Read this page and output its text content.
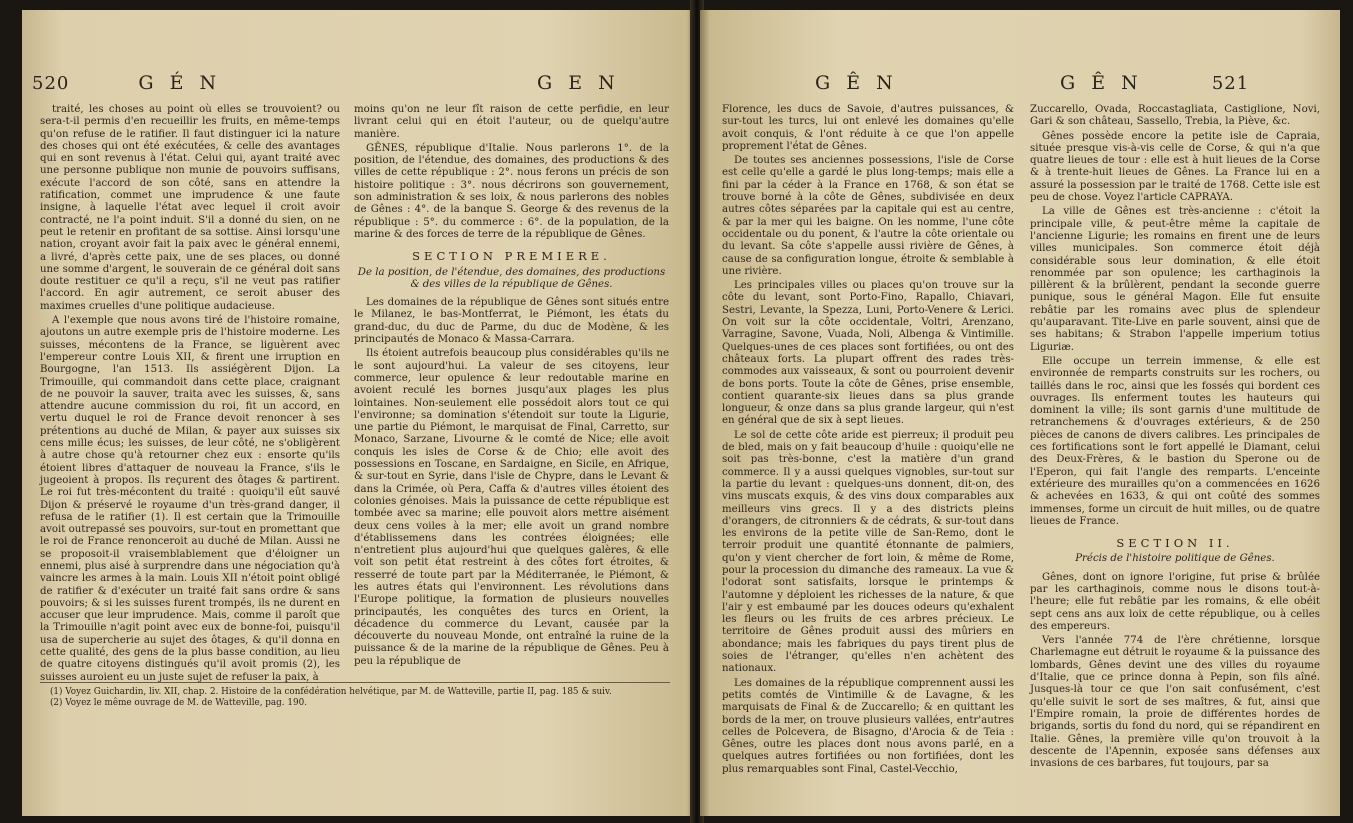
520	G É N	G E N

traité, les choses au point où elles se trouvoient? ou sera-t-il permis d'en recueillir les fruits, en même-temps qu'on refuse de le ratifier. Il faut distinguer ici la nature des choses qui ont été exécutées, & celle des avantages qui en sont revenus à l'état. Celui qui, ayant traité avec une personne publique non munie de pouvoirs suffisans, exécute l'accord de son côté, sans en attendre la ratification, commet une imprudence & une faute insigne, à laquelle l'état avec lequel il croit avoir contracté, ne l'a point induit. S'il a donné du sien, on ne peut le retenir en profitant de sa sottise. Ainsi lorsqu'une nation, croyant avoir fait la paix avec le général ennemi, a livré, d'après cette paix, une de ses places, ou donné une somme d'argent, le souverain de ce général doit sans doute restituer ce qu'il a reçu, s'il ne veut pas ratifier l'accord. En agir autrement, ce seroit abuser des maximes cruelles d'une politique audacieuse.

A l'exemple que nous avons tiré de l'histoire romaine, ajoutons un autre exemple pris de l'histoire moderne. Les suisses, mécontens de la France, se liguèrent avec l'empereur contre Louis XII, & firent une irruption en Bourgogne, l'an 1513. Ils assiégèrent Dijon. La Trimouille, qui commandoit dans cette place, craignant de ne pouvoir la sauver, traita avec les suisses, &, sans attendre aucune commission du roi, fit un accord, en vertu duquel le roi de France devoit renoncer à ses prétentions au duché de Milan, & payer aux suisses six cens mille écus; les suisses, de leur côté, ne s'obligèrent à autre chose qu'à retourner chez eux : ensorte qu'ils étoient libres d'attaquer de nouveau la France, s'ils le jugeoient à propos. Ils reçurent des ôtages & partirent. Le roi fut très-mécontent du traité : quoiqu'il eût sauvé Dijon & préservé le royaume d'un très-grand danger, il refusa de le ratifier (1). Il est certain que la Trimouille avoit outrepassé ses pouvoirs, sur-tout en promettant que le roi de France renonceroit au duché de Milan. Aussi ne se proposoit-il vraisemblablement que d'éloigner un ennemi, plus aisé à surprendre dans une négociation qu'à vaincre les armes à la main. Louis XII n'étoit point obligé de ratifier & d'exécuter un traité fait sans ordre & sans pouvoirs; & si les suisses furent trompés, ils ne durent en accuser que leur imprudence. Mais, comme il paroît que la Trimouille n'agit point avec eux de bonne-foi, puisqu'il usa de supercherie au sujet des ôtages, & qu'il donna en cette qualité, des gens de la plus basse condition, au lieu de quatre citoyens distingués qu'il avoit promis (2), les suisses auroient eu un juste sujet de refuser la paix, à

moins qu'on ne leur fît raison de cette perfidie, en leur livrant celui qui en étoit l'auteur, ou de quelqu'autre manière.

GÊNES, république d'Italie. Nous parlerons 1°. de la position, de l'étendue, des domaines, des productions & des villes de cette république : 2°. nous ferons un précis de son histoire politique : 3°. nous décrirons son gouvernement, son administration & ses loix, & nous parlerons des nobles de Gênes : 4°. de la banque S. George & des revenus de la république : 5°. du commerce : 6°. de la population, de la marine & des forces de terre de la république de Gênes.

SECTION PREMIERE.
De la position, de l'étendue, des domaines, des productions & des villes de la république de Gênes.

Les domaines de la république de Gênes sont situés entre le Milanez, le bas-Montferrat, le Piémont, les états du grand-duc, du duc de Parme, du duc de Modène, & les principautés de Monaco & Massa-Carrara.

Ils étoient autrefois beaucoup plus considérables qu'ils ne le sont aujourd'hui. La valeur de ses citoyens, leur commerce, leur opulence & leur redoutable marine en avoient reculé les bornes jusqu'aux plages les plus lointaines. Non-seulement elle possédoit alors tout ce qui l'environne; sa domination s'étendoit sur toute la Ligurie, une partie du Piémont, le marquisat de Final, Carretto, sur Monaco, Sarzane, Livourne & le comté de Nice; elle avoit conquis les isles de Corse & de Chio; elle avoit des possessions en Toscane, en Sardaigne, en Sicile, en Afrique, & sur-tout en Syrie, dans l'isle de Chypre, dans le Levant & dans la Crimée, où Pera, Caffa & d'autres villes étoient des colonies génoises. Mais la puissance de cette république est tombée avec sa marine; elle pouvoit alors mettre aisément deux cens voiles à la mer; elle avoit un grand nombre d'établissemens dans les contrées éloignées; elle n'entretient plus aujourd'hui que quelques galères, & elle voit son petit état restreint à des côtes fort étroites, & resserré de toute part par la Méditerranée, le Piémont, & les autres états qui l'environnent. Les révolutions dans l'Europe politique, la formation de plusieurs nouvelles principautés, les conquêtes des turcs en Orient, la décadence du commerce du Levant, causée par la découverte du nouveau Monde, ont entraîné la ruine de la puissance & de la marine de la république de Gênes. Peu à peu la république de

(1) Voyez Guichardin, liv. XII, chap. 2. Histoire de la confédération helvétique, par M. de Watteville, partie II, pag. 185 & suiv.
(2) Voyez le même ouvrage de M. de Watteville, pag. 190.
G Ê N	G Ê N	521

Florence, les ducs de Savoie, d'autres puissances, & sur-tout les turcs, lui ont enlevé les domaines qu'elle avoit conquis, & l'ont réduite à ce que l'on appelle proprement l'état de Gênes.

De toutes ses anciennes possessions, l'isle de Corse est celle qu'elle a gardé le plus long-temps; mais elle a fini par la céder à la France en 1768, & son état se trouve borné à la côte de Gênes, subdivisée en deux autres côtes séparées par la capitale qui est au centre, & par la mer qui les baigne. On les nomme, l'une côte occidentale ou du ponent, & l'autre la côte orientale ou du levant. Sa côte s'appelle aussi rivière de Gênes, à cause de sa configuration longue, étroite & semblable à une rivière.

Les principales villes ou places qu'on trouve sur la côte du levant, sont Porto-Fino, Rapallo, Chiavari, Sestri, Levante, la Spezza, Luni, Porto-Venere & Lerici. On voit sur la côte occidentale, Voltri, Arenzano, Varragine, Savone, Vuada, Noli, Albenga & Vintimille. Quelques-unes de ces places sont fortifiées, ou ont des châteaux forts. La plupart offrent des rades très-commodes aux vaisseaux, & sont ou pourroient devenir de bons ports. Toute la côte de Gênes, prise ensemble, contient quarante-six lieues dans sa plus grande longueur, & onze dans sa plus grande largeur, qui n'est en général que de six à sept lieues.

Le sol de cette côte aride est pierreux; il produit peu de bled, mais on y fait beaucoup d'huile : quoiqu'elle ne soit pas très-bonne, c'est la matière d'un grand commerce. Il y a aussi quelques vignobles, sur-tout sur la partie du levant : quelques-uns donnent, dit-on, des vins muscats exquis, & des vins doux comparables aux meilleurs vins grecs. Il y a des districts pleins d'orangers, de citronniers & de cédrats, & sur-tout dans les environs de la petite ville de San-Remo, dont le terroir produit une quantité étonnante de palmiers, qu'on y vient chercher de fort loin, & même de Rome, pour la procession du dimanche des rameaux. La vue & l'odorat sont satisfaits, lorsque le printemps & l'automne y déploient les richesses de la nature, & que l'air y est embaumé par les douces odeurs qu'exhalent les fleurs ou les fruits de ces arbres précieux. Le territoire de Gênes produit aussi des mûriers en abondance; mais les fabriques du pays tirent plus de soies de l'étranger, qu'elles n'en achètent des nationaux.

Les domaines de la république comprennent aussi les petits comtés de Vintimille & de Lavagne, & les marquisats de Final & de Zuccarello; & en quittant les bords de la mer, on trouve plusieurs vallées, entr'autres celles de Polcevera, de Bisagno, d'Arocia & de Teia : Gênes, outre les places dont nous avons parlé, en a quelques autres fortifiées ou non fortifiées, dont les plus remarquables sont Final, Castel-Vecchio,

Zuccarello, Ovada, Roccastagliata, Castiglione, Novi, Gari & son château, Sassello, Trebia, la Piève, &c.

Gênes possède encore la petite isle de Capraia, située presque vis-à-vis celle de Corse, & qui n'a que quatre lieues de tour : elle est à huit lieues de la Corse & à trente-huit lieues de Gênes. La France lui en a assuré la possession par le traité de 1768. Cette isle est peu de chose. Voyez l'article CAPRAYA.

La ville de Gênes est très-ancienne : c'étoit la principale ville, & peut-être même la capitale de l'ancienne Ligurie; les romains en firent une de leurs villes municipales. Son commerce étoit déjà considérable sous leur domination, & elle étoit renommée par son opulence; les carthaginois la pillèrent & la brûlèrent, pendant la seconde guerre punique, sous le général Magon. Elle fut ensuite rebâtie par les romains avec plus de splendeur qu'auparavant. Tite-Live en parle souvent, ainsi que de ses habitans; & Strabon l'appelle imperium totius Liguriæ.

Elle occupe un terrein immense, & elle est environnée de remparts construits sur les rochers, ou taillés dans le roc, ainsi que les fossés qui bordent ces ouvrages. Ils enferment toutes les hauteurs qui dominent la ville; ils sont garnis d'une multitude de retranchemens & d'ouvrages extérieurs, & de 250 pièces de canons de divers calibres. Les principales de ces fortifications sont le fort appellé le Diamant, celui des Deux-Frères, & le bastion du Sperone ou de l'Eperon, qui fait l'angle des remparts. L'enceinte extérieure des murailles qu'on a commencées en 1626 & achevées en 1633, & qui ont coûté des sommes immenses, forme un circuit de huit milles, ou de quatre lieues de France.

SECTION II.
Précis de l'histoire politique de Gênes.

Gênes, dont on ignore l'origine, fut prise & brûlée par les carthaginois, comme nous le disons tout-à-l'heure; elle fut rebâtie par les romains, & elle obéit sept cens ans aux loix de cette république, ou à celles des empereurs.

Vers l'année 774 de l'ère chrétienne, lorsque Charlemagne eut détruit le royaume & la puissance des lombards, Gênes devint une des villes du royaume d'Italie, que ce prince donna à Pepin, son fils aîné. Jusques-là tour ce que l'on sait confusément, c'est qu'elle suivit le sort de ses maîtres, & fut, ainsi que l'Empire romain, la proie de différentes hordes de brigands, sortis du fond du nord, qui se répandirent en Italie. Gênes, la première ville qu'on trouvoit à la descente de l'Apennin, exposée sans défenses aux invasions de ces barbares, fut toujours, par sa
